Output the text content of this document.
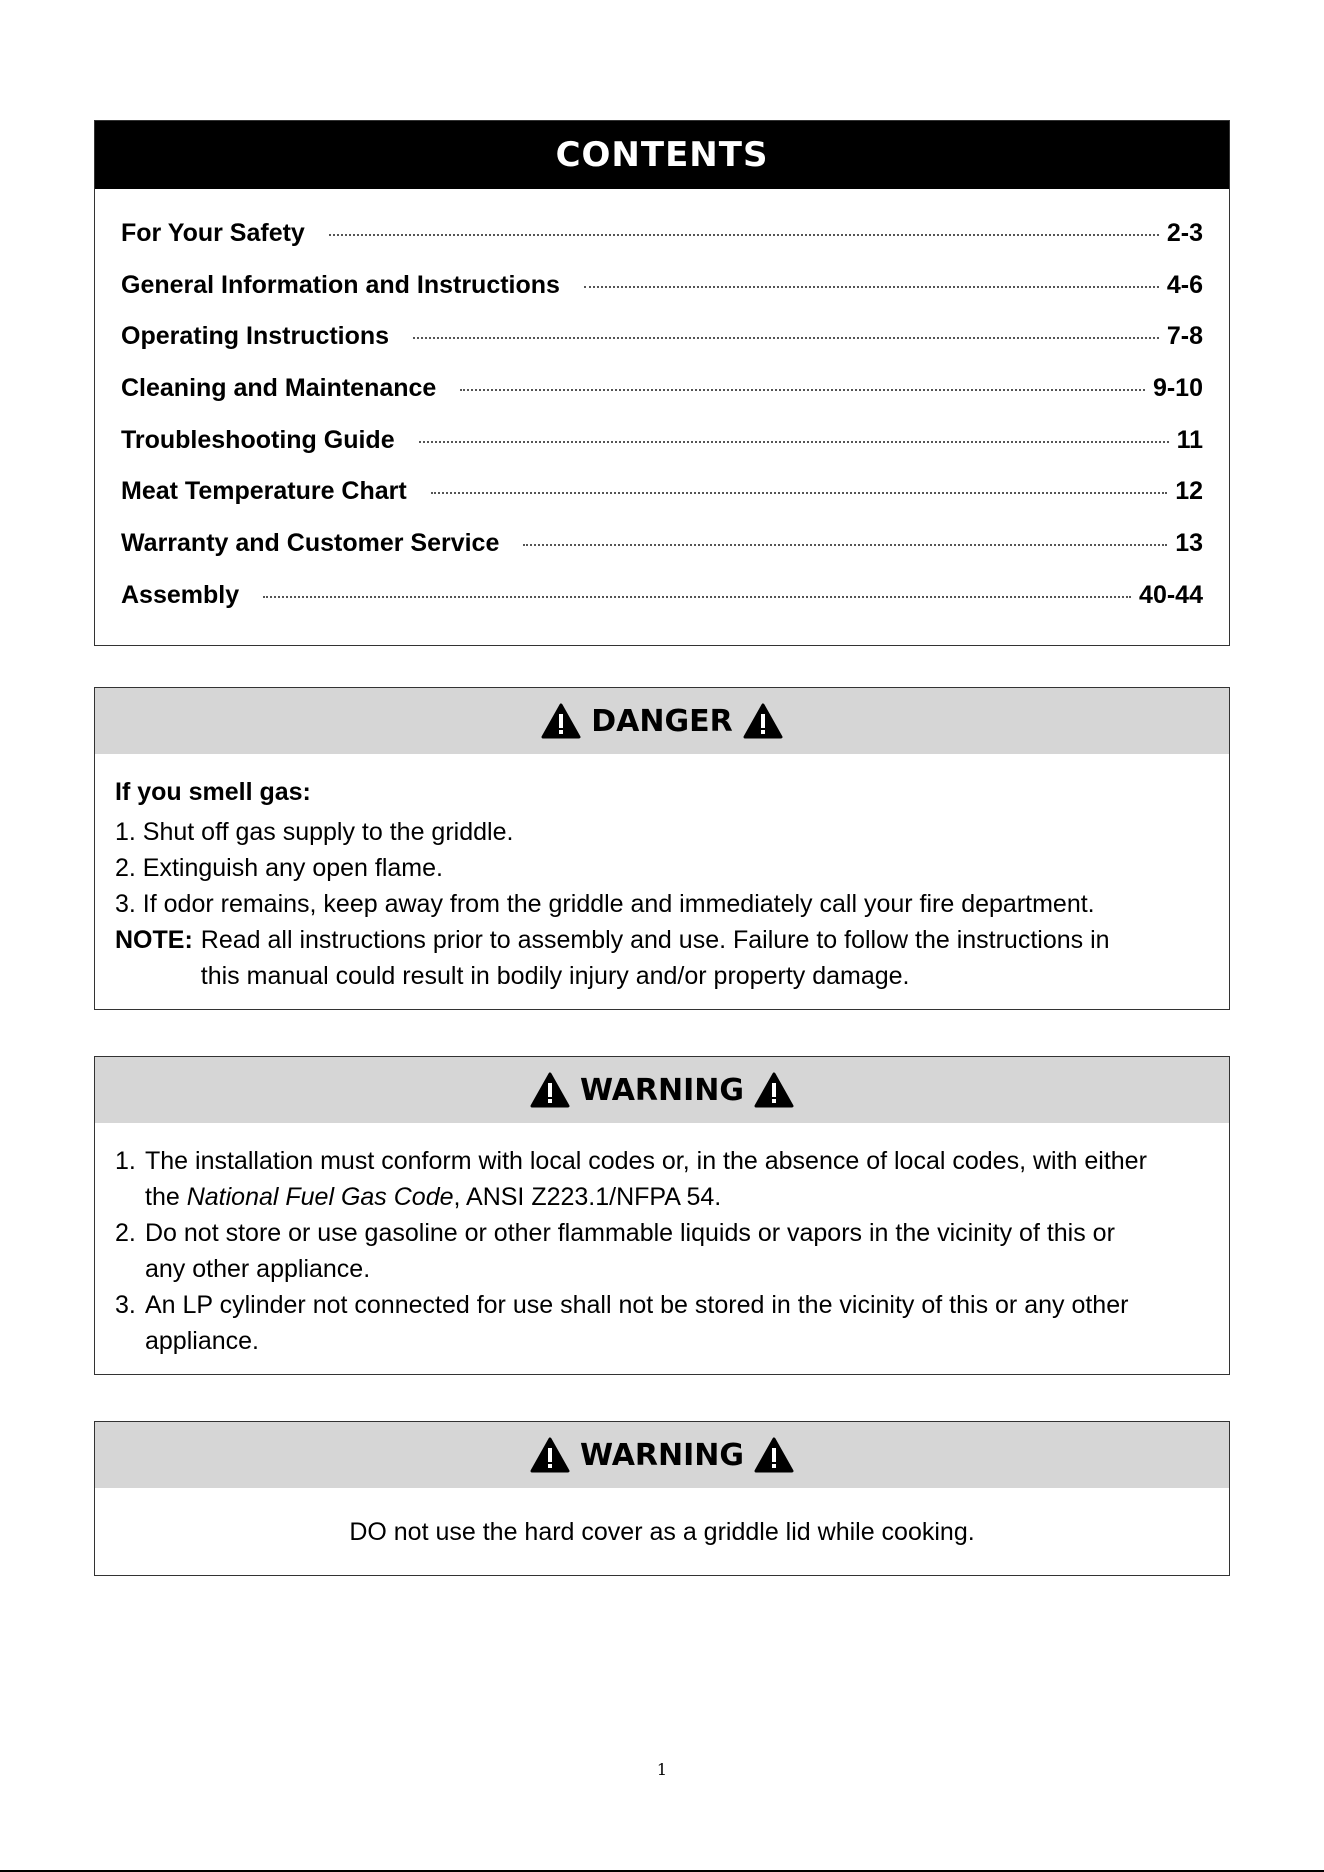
CONTENTS
For Your Safety	2-3
General Information and Instructions	4-6
Operating Instructions	7-8
Cleaning and Maintenance	9-10
Troubleshooting Guide	11
Meat Temperature Chart	12
Warranty and Customer Service	13
Assembly	40-44
DANGER
If you smell gas:
1. Shut off gas supply to the griddle.
2. Extinguish any open flame.
3. If odor remains, keep away from the griddle and immediately call your fire department.
NOTE: Read all instructions prior to assembly and use. Failure to follow the instructions in
this manual could result in bodily injury and/or property damage.
WARNING
1. The installation must conform with local codes or, in the absence of local codes, with either
the National Fuel Gas Code, ANSI Z223.1/NFPA 54.
2. Do not store or use gasoline or other flammable liquids or vapors in the vicinity of this or
any other appliance.
3. An LP cylinder not connected for use shall not be stored in the vicinity of this or any other
appliance.
WARNING
DO not use the hard cover as a griddle lid while cooking.
1
